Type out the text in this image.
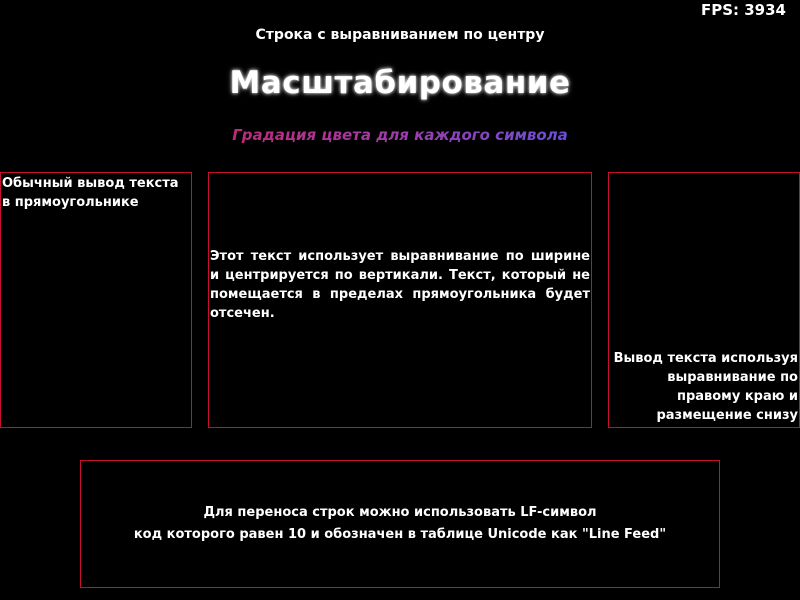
FPS: 3934
Строка с выравниванием по центру
Масштабирование
Градация цвета для каждого символа
Обычный вывод текста в прямоугольнике
Этот текст использует выравнивание по ширине и центрируется по вертикали. Текст, который не помещается в пределах прямоугольника будет отсечен.
Вывод текста используя выравнивание по правому краю и размещение снизу
Для переноса строк можно использовать LF-символ
код которого равен 10 и обозначен в таблице Unicode как "Line Feed"
